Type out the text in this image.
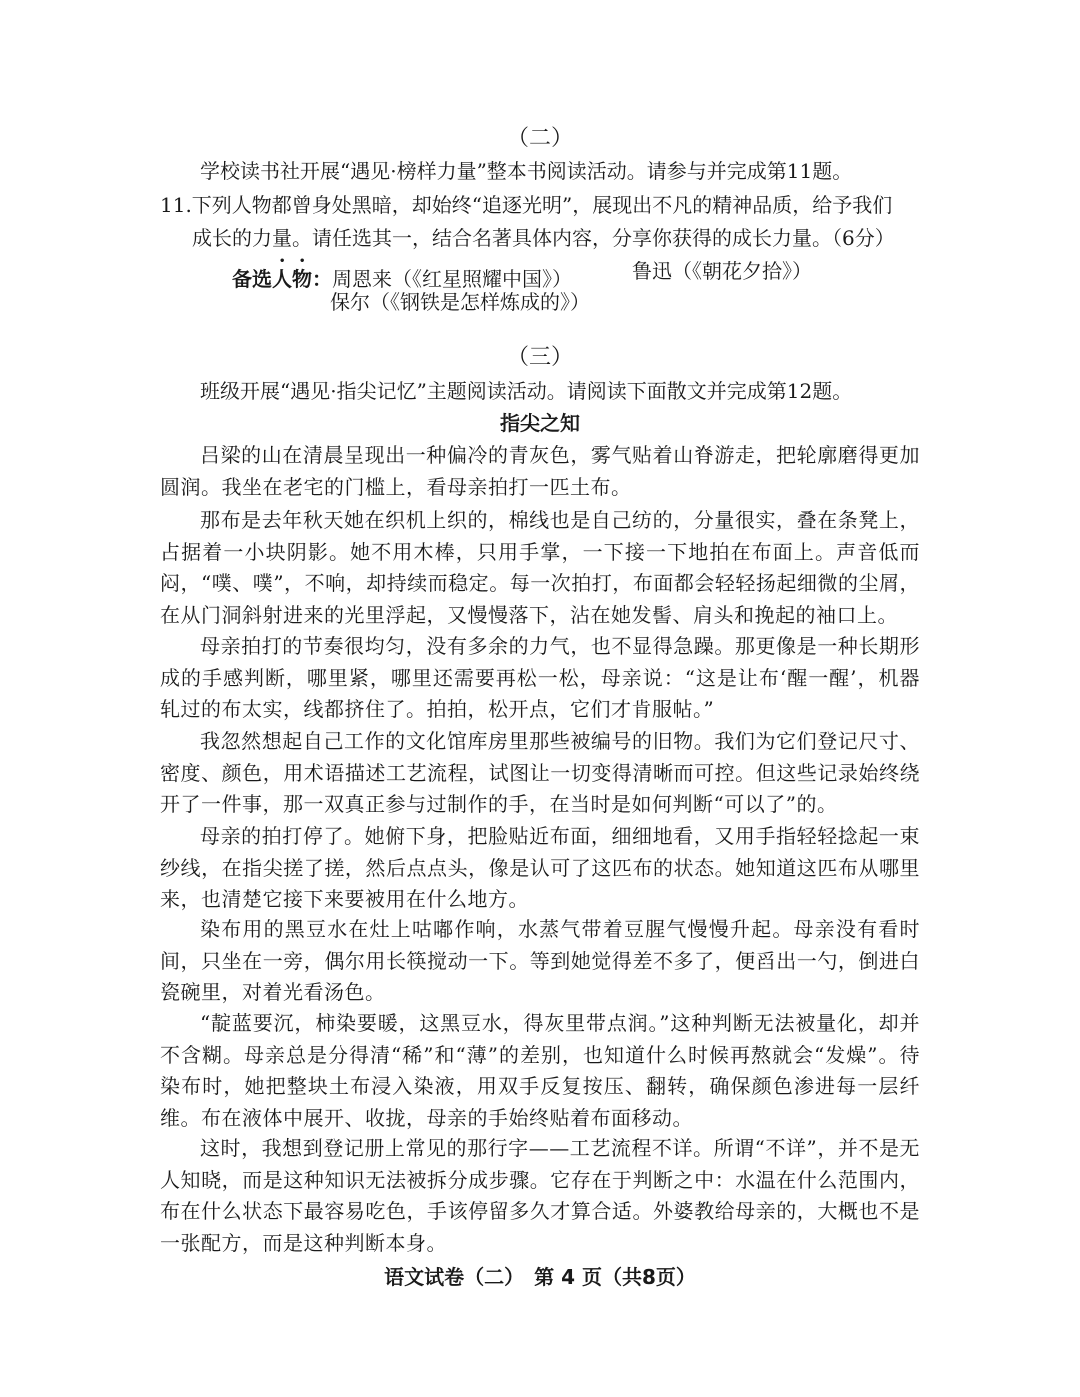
（二）
学校读书社开展“遇见·榜样力量”整本书阅读活动。请参与并完成第11题。
11.下列人物都曾身处黑暗，却始终“追逐光明”，展现出不凡的精神品质，给予我们
成长的力量。请任选其一，结合名著具体内容，分享你获得的成长力量。（6分）
备选人物：周恩来（《红星照耀中国》）	鲁迅（《朝花夕拾》）
保尔（《钢铁是怎样炼成的》）
（三）
班级开展“遇见·指尖记忆”主题阅读活动。请阅读下面散文并完成第12题。
指尖之知
吕梁的山在清晨呈现出一种偏冷的青灰色，雾气贴着山脊游走，把轮廓磨得更加圆润。我坐在老宅的门槛上，看母亲拍打一匹土布。
那布是去年秋天她在织机上织的，棉线也是自己纺的，分量很实，叠在条凳上，占据着一小块阴影。她不用木棒，只用手掌，一下接一下地拍在布面上。声音低而闷，“噗、噗”，不响，却持续而稳定。每一次拍打，布面都会轻轻扬起细微的尘屑，在从门洞斜射进来的光里浮起，又慢慢落下，沾在她发髻、肩头和挽起的袖口上。
母亲拍打的节奏很均匀，没有多余的力气，也不显得急躁。那更像是一种长期形成的手感判断，哪里紧，哪里还需要再松一松，母亲说：“这是让布‘醒一醒’，机器轧过的布太实，线都挤住了。拍拍，松开点，它们才肯服帖。”
我忽然想起自己工作的文化馆库房里那些被编号的旧物。我们为它们登记尺寸、密度、颜色，用术语描述工艺流程，试图让一切变得清晰而可控。但这些记录始终绕开了一件事，那一双真正参与过制作的手，在当时是如何判断“可以了”的。
母亲的拍打停了。她俯下身，把脸贴近布面，细细地看，又用手指轻轻捻起一束纱线，在指尖搓了搓，然后点点头，像是认可了这匹布的状态。她知道这匹布从哪里来，也清楚它接下来要被用在什么地方。
染布用的黑豆水在灶上咕嘟作响，水蒸气带着豆腥气慢慢升起。母亲没有看时间，只坐在一旁，偶尔用长筷搅动一下。等到她觉得差不多了，便舀出一勺，倒进白瓷碗里，对着光看汤色。
“靛蓝要沉，柿染要暖，这黑豆水，得灰里带点润。”这种判断无法被量化，却并不含糊。母亲总是分得清“稀”和“薄”的差别，也知道什么时候再熬就会“发燥”。待染布时，她把整块土布浸入染液，用双手反复按压、翻转，确保颜色渗进每一层纤维。布在液体中展开、收拢，母亲的手始终贴着布面移动。
这时，我想到登记册上常见的那行字——工艺流程不详。所谓“不详”，并不是无人知晓，而是这种知识无法被拆分成步骤。它存在于判断之中：水温在什么范围内，布在什么状态下最容易吃色，手该停留多久才算合适。外婆教给母亲的，大概也不是一张配方，而是这种判断本身。
语文试卷（二）　第 4 页（共8页）
